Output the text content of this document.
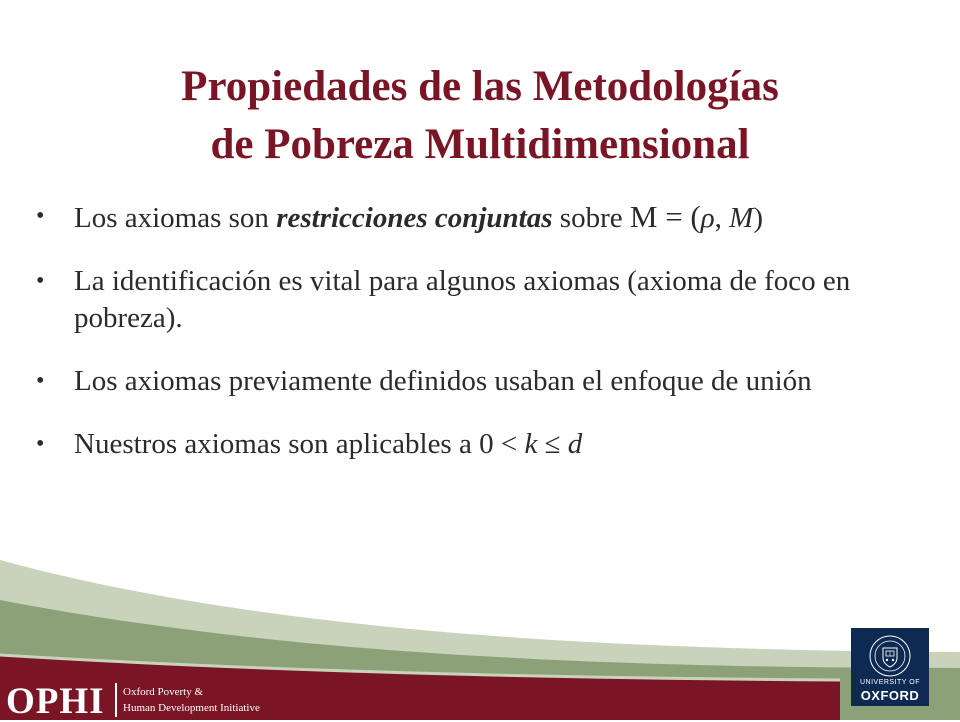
Propiedades de las Metodologías
de Pobreza Multidimensional
• Los axiomas son restricciones conjuntas sobre M = (ρ, M)
• La identificación es vital para algunos axiomas (axioma de foco en pobreza).
• Los axiomas previamente definidos usaban el enfoque de unión
• Nuestros axiomas son aplicables a 0 < k ≤ d
OPHI Oxford Poverty &
Human Development Initiative
UNIVERSITY OF
OXFORD
